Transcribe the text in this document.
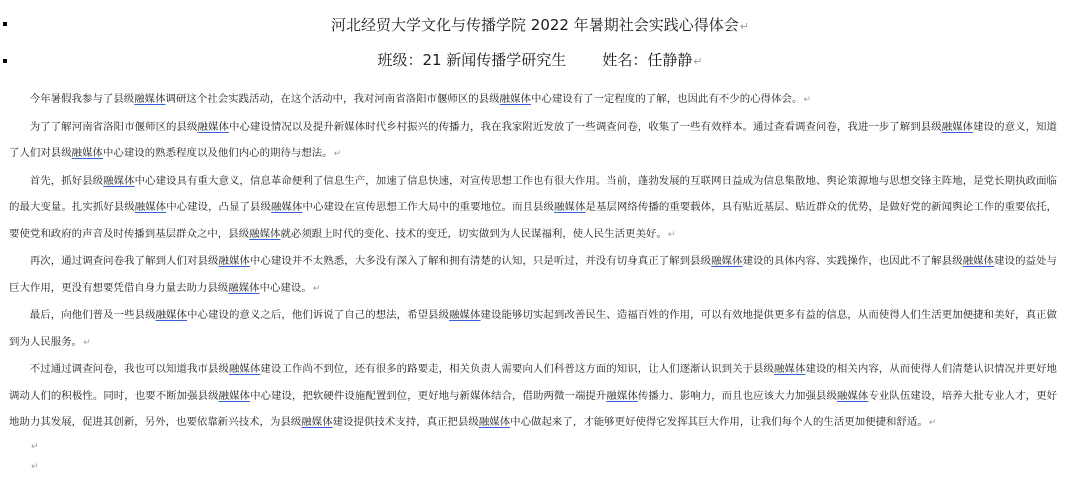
河北经贸大学文化与传播学院 2022 年暑期社会实践心得体会↵
班级：21 新闻传播学研究生 姓名：任静静↵

今年暑假我参与了县级融媒体调研这个社会实践活动，在这个活动中，我对河南省洛阳市偃师区的县级融媒体中心建设有了一定程度的了解，也因此有不少的心得体会。↵

为了了解河南省洛阳市偃师区的县级融媒体中心建设情况以及提升新媒体时代乡村振兴的传播力，我在我家附近发放了一些调查问卷，收集了一些有效样本。通过查看调查问卷，我进一步了解到县级融媒体建设的意义，知道了人们对县级融媒体中心建设的熟悉程度以及他们内心的期待与想法。↵

首先，抓好县级融媒体中心建设具有重大意义，信息革命便利了信息生产，加速了信息快速，对宣传思想工作也有很大作用。当前，蓬勃发展的互联网日益成为信息集散地、舆论策源地与思想交锋主阵地，是党长期执政面临的最大变量。扎实抓好县级融媒体中心建设，凸显了县级融媒体中心建设在宣传思想工作大局中的重要地位。而且县级融媒体是基层网络传播的重要载体，具有贴近基层、贴近群众的优势，是做好党的新闻舆论工作的重要依托，要使党和政府的声音及时传播到基层群众之中，县级融媒体就必须跟上时代的变化、技术的变迁，切实做到为人民谋福利，使人民生活更美好。↵

再次，通过调查问卷我了解到人们对县级融媒体中心建设并不太熟悉，大多没有深入了解和拥有清楚的认知，只是听过，并没有切身真正了解到县级融媒体建设的具体内容、实践操作，也因此不了解县级融媒体建设的益处与巨大作用，更没有想要凭借自身力量去助力县级融媒体中心建设。↵

最后，向他们普及一些县级融媒体中心建设的意义之后，他们诉说了自己的想法，希望县级融媒体建设能够切实起到改善民生、造福百姓的作用，可以有效地提供更多有益的信息，从而使得人们生活更加便捷和美好，真正做到为人民服务。↵

不过通过调查问卷，我也可以知道我市县级融媒体建设工作尚不到位，还有很多的路要走，相关负责人需要向人们科普这方面的知识，让人们逐渐认识到关于县级融媒体建设的相关内容，从而使得人们清楚认识情况并更好地调动人们的积极性。同时，也要不断加强县级融媒体中心建设，把软硬件设施配置到位，更好地与新媒体结合，借助两微一端提升融媒体传播力、影响力，而且也应该大力加强县级融媒体专业队伍建设，培养大批专业人才，更好地助力其发展，促进其创新，另外，也要依靠新兴技术，为县级融媒体建设提供技术支持，真正把县级融媒体中心做起来了，才能够更好使得它发挥其巨大作用，让我们每个人的生活更加便捷和舒适。↵

↵
↵
